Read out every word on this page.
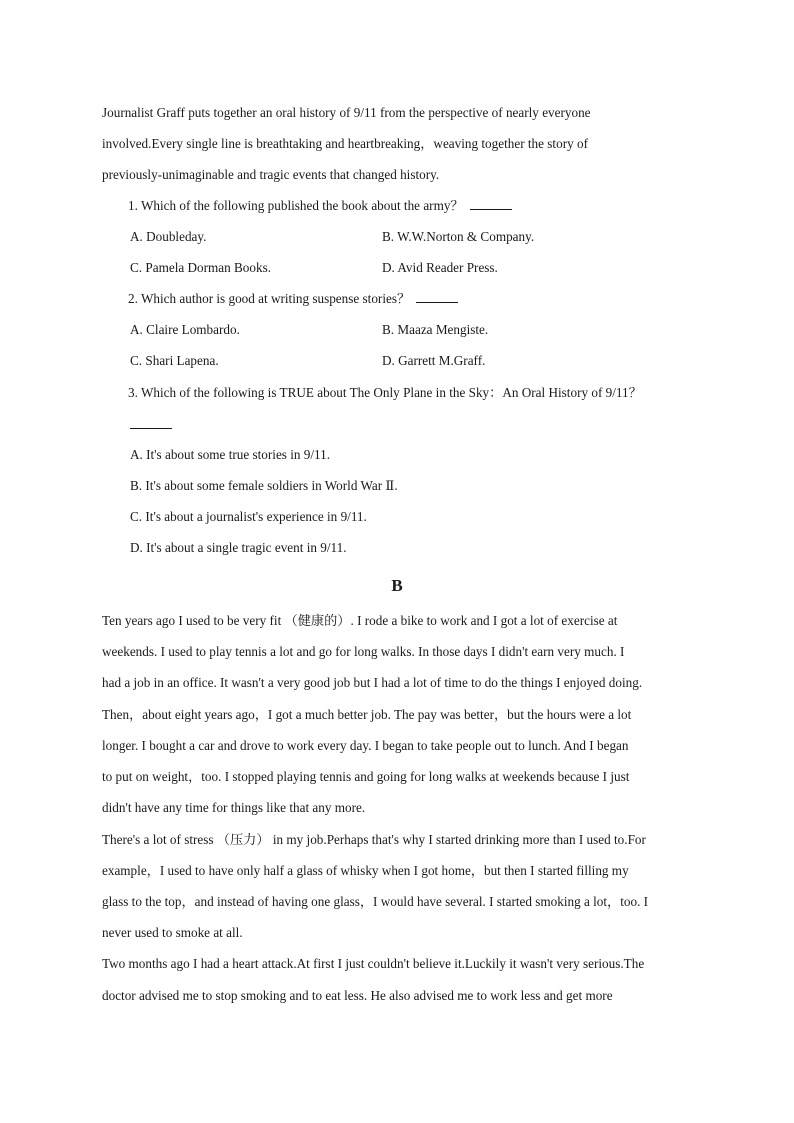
Journalist Graff puts together an oral history of 9/11 from the perspective of nearly everyone
involved.Every single line is breathtaking and heartbreaking，weaving together the story of
previously-unimaginable and tragic events that changed history.
1. Which of the following published the book about the army？
A. Doubleday.	B. W.W.Norton & Company.
C. Pamela Dorman Books.	D. Avid Reader Press.
2. Which author is good at writing suspense stories？
A. Claire Lombardo.	B. Maaza Mengiste.
C. Shari Lapena.	D. Garrett M.Graff.
3. Which of the following is TRUE about The Only Plane in the Sky：An Oral History of 9/11？
A. It's about some true stories in 9/11.
B. It's about some female soldiers in World War Ⅱ.
C. It's about a journalist's experience in 9/11.
D. It's about a single tragic event in 9/11.
B
Ten years ago I used to be very fit （健康的）. I rode a bike to work and I got a lot of exercise at
weekends. I used to play tennis a lot and go for long walks. In those days I didn't earn very much. I
had a job in an office. It wasn't a very good job but I had a lot of time to do the things I enjoyed doing.
Then，about eight years ago，I got a much better job. The pay was better，but the hours were a lot
longer. I bought a car and drove to work every day. I began to take people out to lunch. And I began
to put on weight，too. I stopped playing tennis and going for long walks at weekends because I just
didn't have any time for things like that any more.
There's a lot of stress （压力） in my job.Perhaps that's why I started drinking more than I used to.For
example，I used to have only half a glass of whisky when I got home，but then I started filling my
glass to the top，and instead of having one glass，I would have several. I started smoking a lot，too. I
never used to smoke at all.
Two months ago I had a heart attack.At first I just couldn't believe it.Luckily it wasn't very serious.The
doctor advised me to stop smoking and to eat less. He also advised me to work less and get more
